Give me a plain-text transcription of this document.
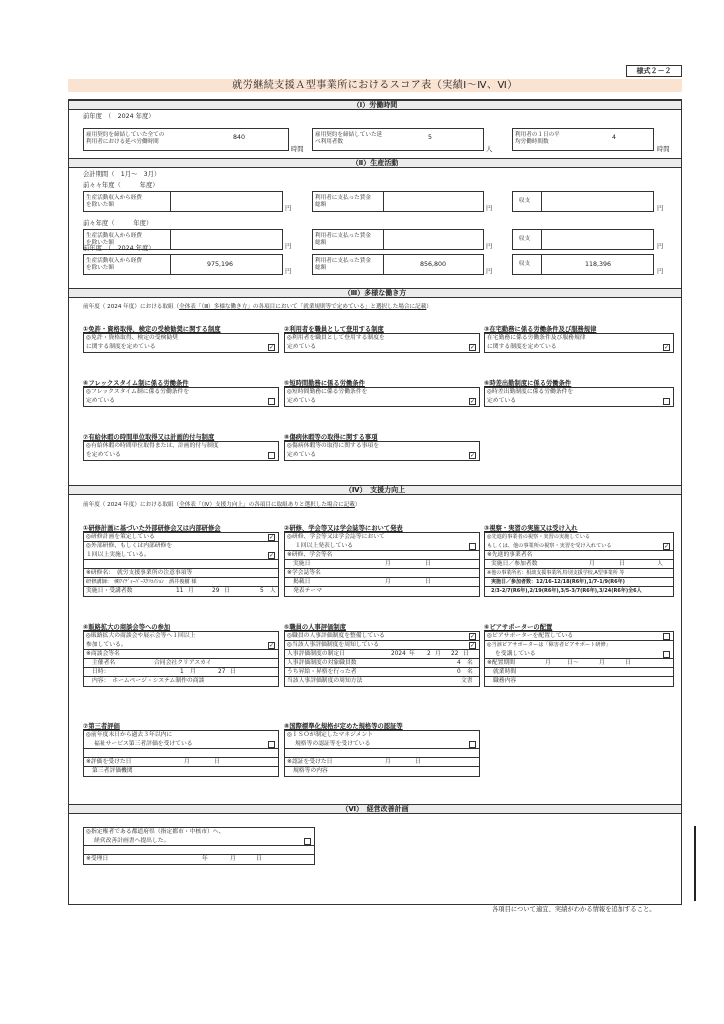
様式２－２
就労継続支援Ａ型事業所におけるスコア表（実績Ⅰ～Ⅳ、Ⅵ）
（Ⅰ）労働時間
前年度　（　2024 年度）
雇用契約を締結していた全ての
利用者における延べ労働時間
840
時間
雇用契約を締結していた延
べ利用者数
5
人
利用者の１日の平
均労働時間数
4
時間
（Ⅱ）生産活動
会計期間（　1月～　3月）
前々々年度（　　　年度）
生産活動収入から経費
を除いた額	円
利用者に支払った賃金
総額	円
収支
円
前々年度（　　　年度）
生産活動収入から経費
を除いた額	円
利用者に支払った賃金
総額	円
収支
円
前年度　（　2024 年度）
生産活動収入から経費
を除いた額	975,196
円
利用者に支払った賃金
総額	856,800
円
収支	118,396
円
（Ⅲ）多様な働き方
前年度（ 2024 年度）における取組（全体表「（Ⅲ）多様な働き方」の各項目において「就業規則等で定めている」と選択した場合に記載）
①免許・資格取得、検定の受検勧奨に関する制度
◎免許・資格取得、検定の受検勧奨
に関する制度を定めている	✓
②利用者を職員として登用する制度
◎利用者を職員として登用する制度を
定めている	✓
③在宅勤務に係る労働条件及び服務規律
在宅勤務に係る労働条件及び服務規律
に関する制度を定めている	✓
④フレックスタイム制に係る労働条件
◎フレックスタイム制に係る労働条件を
定めている
⑤短時間勤務に係る労働条件
◎短時間勤務に係る労働条件を
定めている	✓
⑥時差出勤制度に係る労働条件
◎時差出勤制度に係る労働条件を
定めている
⑦有給休暇の時間単位取得又は計画的付与制度
◎有給休暇の時間単位取得または、計画的付与制度
を定めている
⑧傷病休暇等の取得に関する事項
◎傷病休暇等の取得に関する事項を
定めている	✓
（Ⅳ）　支援力向上
前年度（ 2024 年度）における取組（全体表「（Ⅳ）支援力向上」の各項目に取組ありと選択した場合に記載）
①研修計画に基づいた外部研修会又は内部研修会
◎研修計画を策定している	✓
◎外部研修、もしくは内部研修を
１回以上実施している。	✓
※研修名：　就労支援事業所の注意事項等
研修講師：　㈱ｱｲﾃﾞｨｰﾊﾟｰｽｸﾘｴｲｼｮﾝ　酒井俊樹 様
実施日・受講者数	11 月	29 日	5 人
②研修、学会等又は学会誌等において発表
◎研修、学会等又は学会誌等において
１回以上発表している
※研修、学会等名
実施日	月	日
※学会誌等名
掲載日	月	日
発表テーマ
③視察・実習の実施又は受け入れ
◎先進的事業者の視察・実習の実施している
もしくは、他の事業所の視察・実習を受け入れている	✓
※先進的事業者名
実施日／参加者数	月	日	人
※他の事業所名：相談支援事業所,特別支援学校,A型事業所 等
実施日／参加者数：12/16-12/18(R6年),1/7-1/9(R6年)
2/3-2/7(R6年),2/19(R6年),3/5-3/7(R6年),3/24(R6年)全6人
④販路拡大の商談会等への参加
◎販路拡大の商談会や展示会等へ１回以上
参加している。	✓
※商談会等名
主催者名	合同会社クリアスカイ
日時：	1 月	27 日
内容：　ホームページ・システム制作の商談
⑤職員の人事評価制度
◎職員の人事評価制度を整備している	✓
◎当該人事評価制度を周知している	✓
人事評価制度の制定日	2024 年 2 月 22 日
人事評価制度の対象職員数	4 名
うち昇給・昇格を行った者	0 名
当該人事評価制度の周知方法	文書
⑥ピアサポーターの配置
◎ピアサポーターを配置している
◎当該ピアサポーターは「障害者ピアサポート研修」
を受講している
※配置期間	月	日～	月	日
就業時間
職務内容
⑦第三者評価
◎前年度末日から過去３年以内に
福祉サービス第三者評価を受けている
※評価を受けた日	月	日
第三者評価機関
⑧国際標準化規格が定めた規格等の認証等
◎ＩＳＯが制定したマネジメント
規格等の認証等を受けている
※認証を受けた日	月	日
規格等の内容
（Ⅵ）　経営改善計画
◎指定権者である都道府県（指定都市・中核市）へ、
経営改善計画書へ提出した。
※受理日	年	月	日
各項目について適宜、実績がわかる情報を追加すること。
